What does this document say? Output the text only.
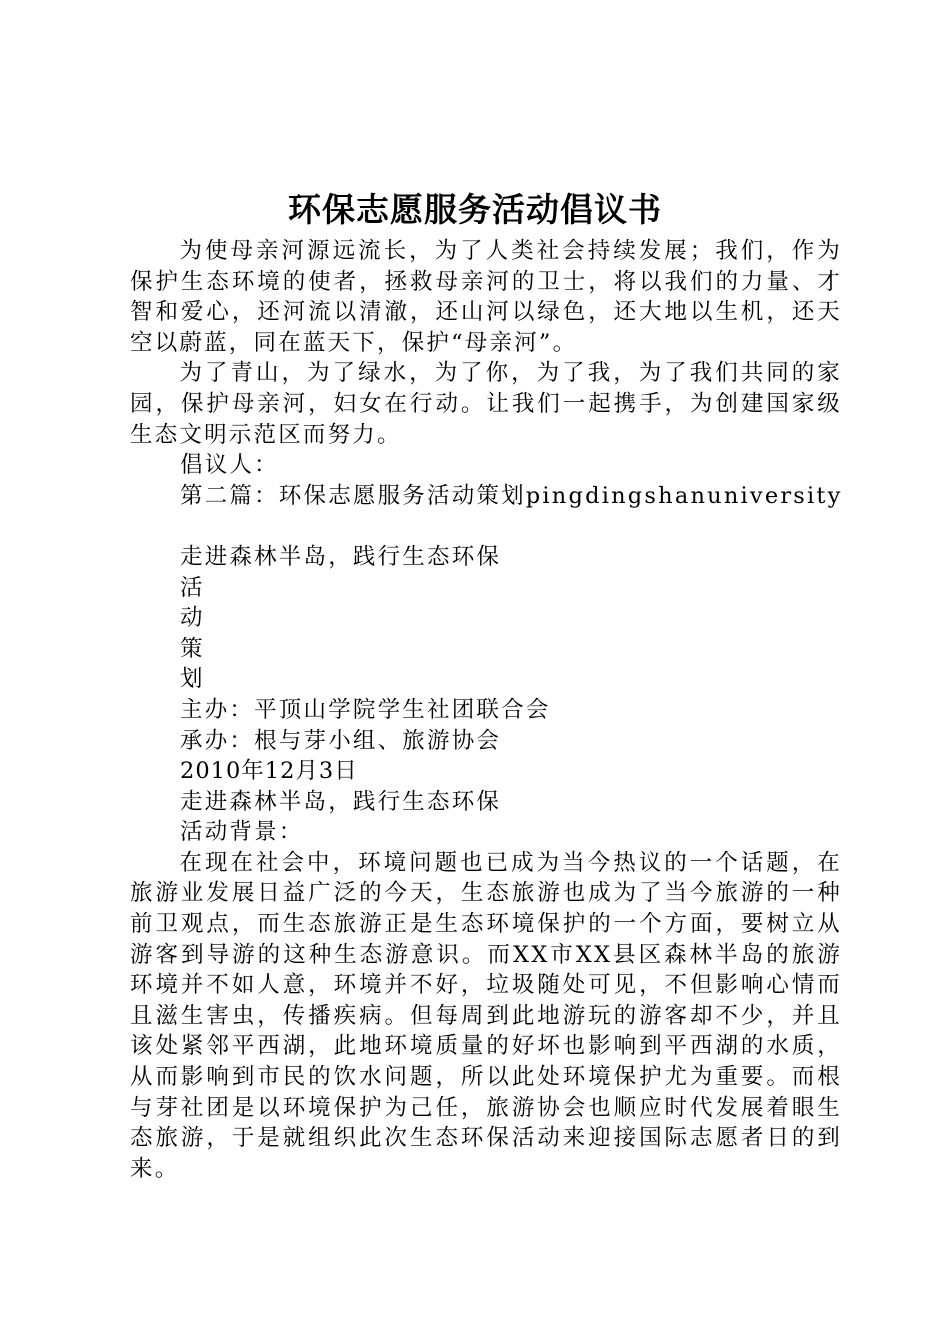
环保志愿服务活动倡议书

为使母亲河源远流长，为了人类社会持续发展；我们，作为保护生态环境的使者，拯救母亲河的卫士，将以我们的力量、才智和爱心，还河流以清澈，还山河以绿色，还大地以生机，还天空以蔚蓝，同在蓝天下，保护“母亲河”。

为了青山，为了绿水，为了你，为了我，为了我们共同的家园，保护母亲河，妇女在行动。让我们一起携手，为创建国家级生态文明示范区而努力。

倡议人：

第二篇：环保志愿服务活动策划pingdingshanuniversity

走进森林半岛，践行生态环保

活

动

策

划

主办：平顶山学院学生社团联合会

承办：根与芽小组、旅游协会

2010年12月3日

走进森林半岛，践行生态环保

活动背景：

在现在社会中，环境问题也已成为当今热议的一个话题，在旅游业发展日益广泛的今天，生态旅游也成为了当今旅游的一种前卫观点，而生态旅游正是生态环境保护的一个方面，要树立从游客到导游的这种生态游意识。而XX市XX县区森林半岛的旅游环境并不如人意，环境并不好，垃圾随处可见，不但影响心情而且滋生害虫，传播疾病。但每周到此地游玩的游客却不少，并且该处紧邻平西湖，此地环境质量的好坏也影响到平西湖的水质，从而影响到市民的饮水问题，所以此处环境保护尤为重要。而根与芽社团是以环境保护为己任，旅游协会也顺应时代发展着眼生态旅游，于是就组织此次生态环保活动来迎接国际志愿者日的到来。
